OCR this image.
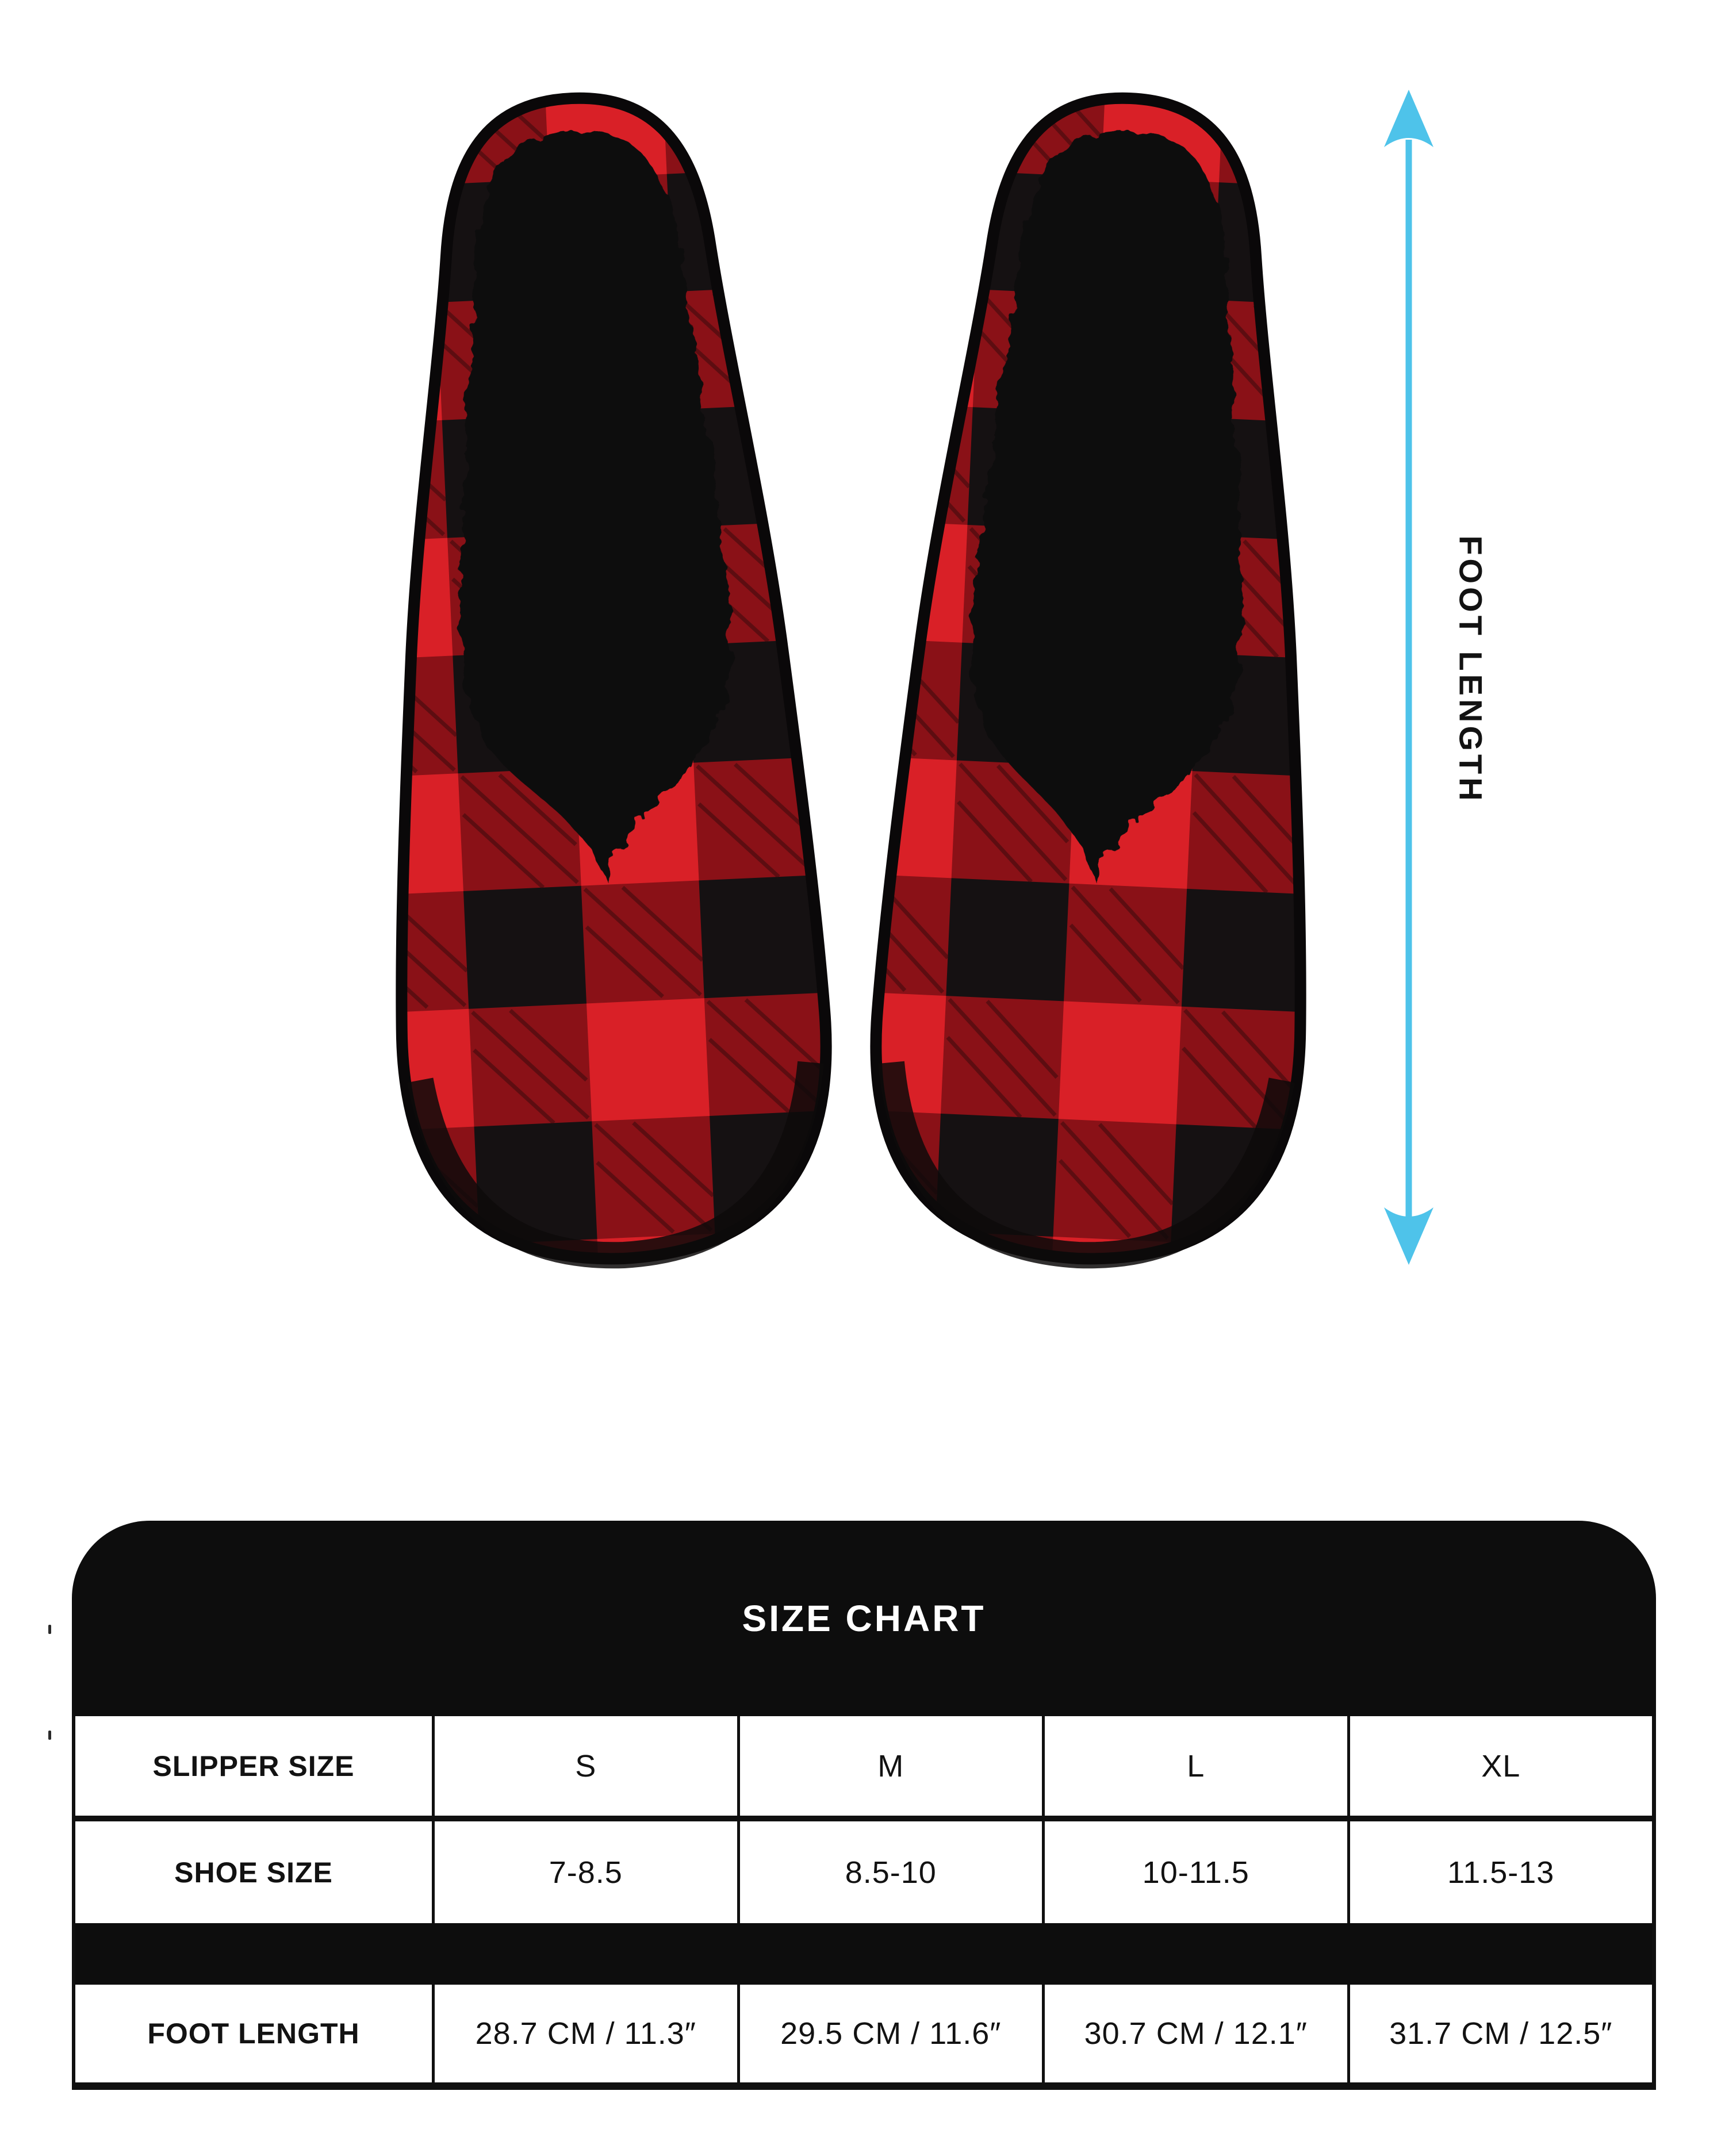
FOOT LENGTH
SIZE CHART
SLIPPER SIZE	S	M	L	XL
SHOE SIZE	7-8.5	8.5-10	10-11.5	11.5-13
FOOT LENGTH	28.7 CM / 11.3″	29.5 CM / 11.6″	30.7 CM / 12.1″	31.7 CM / 12.5″
